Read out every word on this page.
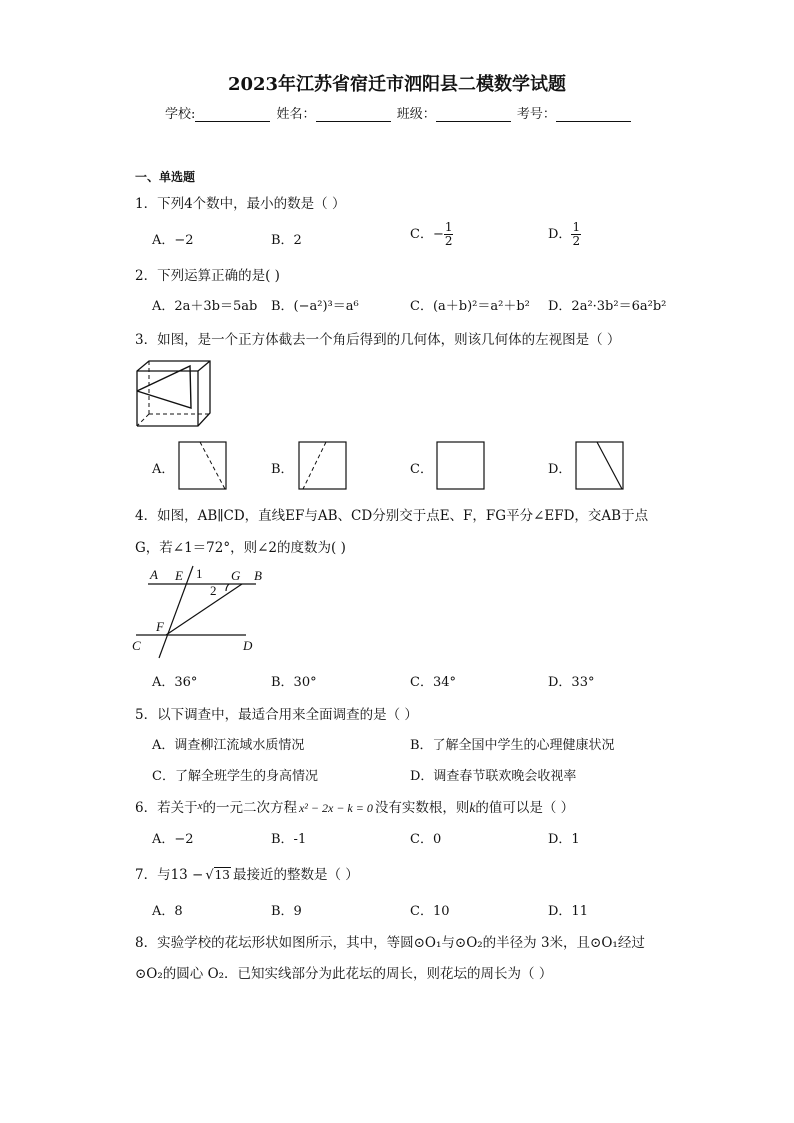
2023年江苏省宿迁市泗阳县二模数学试题
学校:	姓名：	班级：	考号：
一、单选题
1．下列4个数中，最小的数是（ ）
A．−2	B．2	C．− $\frac{1}{2}$	D． $\frac{1}{2}$
2．下列运算正确的是( )
A．2a＋3b＝5ab B．(−a²)³＝a⁶	C．(a＋b)²＝a²＋b² D．2a²·3b²＝6a²b²
3．如图，是一个正方体截去一个角后得到的几何体，则该几何体的左视图是（ ）
A．	B．	C．	D．
4．如图，AB∥CD，直线EF与AB、CD分别交于点E、F，FG平分∠EFD，交AB于点
G，若∠1＝72°，则∠2的度数为( )
A E	G B
F
C	D
1
2
A．36°	B．30°	C．34°	D．33°
5．以下调查中，最适合用来全面调查的是（ ）
A．调查柳江流域水质情况	B．了解全国中学生的心理健康状况
C．了解全班学生的身高情况	D．调查春节联欢晚会收视率
6．若关于$^x$的一元二次方程 x² − 2x − k = 0 没有实数根，则k的值可以是（ ）
A．−2	B．-1	C．0	D．1
7．与13 − √13 最接近的整数是（ ）
A．8	B．9	C．10	D．11
8．实验学校的花坛形状如图所示，其中，等圆⊙O₁与⊙O₂的半径为 3米，且⊙O₁经过
⊙O₂的圆心 O₂．已知实线部分为此花坛的周长，则花坛的周长为（ ）
